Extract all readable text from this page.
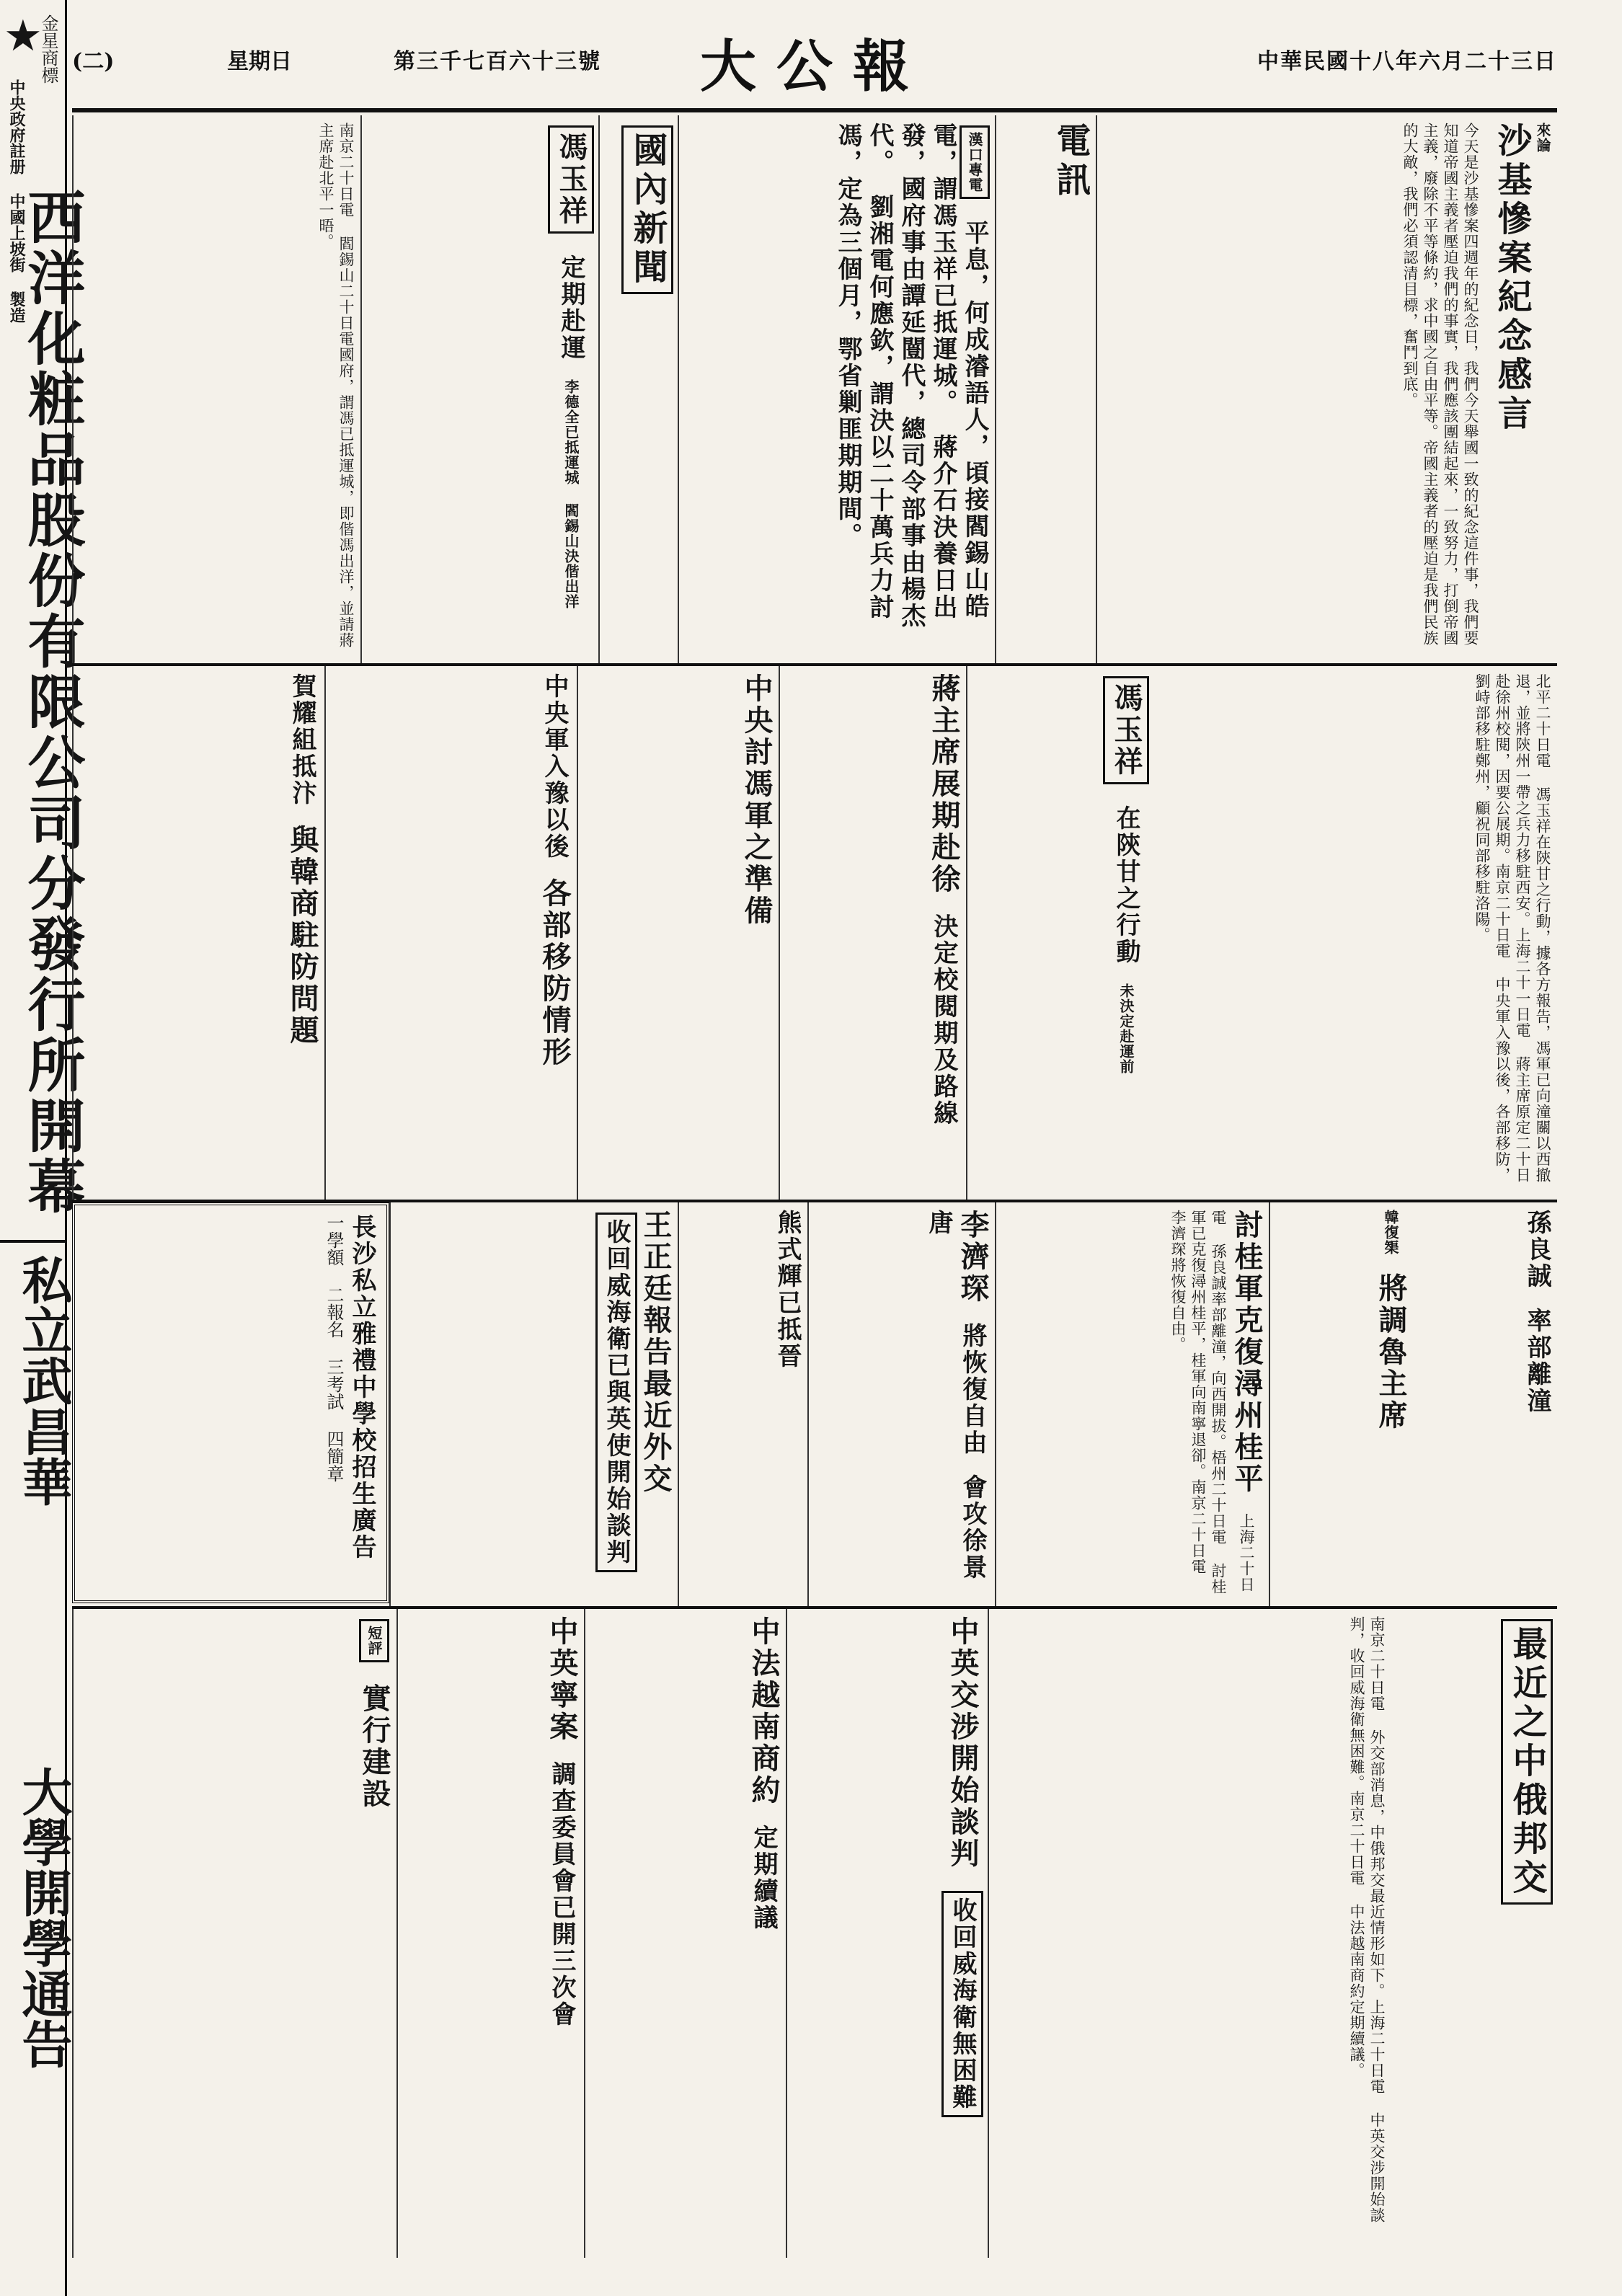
★
金星商標
中央政府註册 中國上坡街 製造
西洋化粧品股份有限公司分發行所開幕
私立武昌華
大學開學通告
中華民國十八年六月二十三日
大公報
第三千七百六十三號
星期日
(二)
來論
沙基慘案紀念感言
今天是沙基慘案四週年的紀念日，我們今天舉國一致的紀念這件事，我們要知道帝國主義者壓迫我們的事實，我們應該團結起來，一致努力，打倒帝國主義，廢除不平等條約，求中國之自由平等。帝國主義者的壓迫是我們民族的大敵，我們必須認清目標，奮鬥到底。
電訊
漢口專電 平息，何成濬語人，頃接閻錫山皓電，謂馮玉祥已抵運城。 蔣介石決養日出發，國府事由譚延闓代，總司令部事由楊杰代。 劉湘電何應欽，謂決以二十萬兵力討馮，定為三個月，鄂省剿匪期期間。
國內新聞
馮玉祥 定期赴運 李德全已抵運城 閻錫山決偕出洋
南京二十日電 閻錫山二十日電國府，謂馮已抵運城，即偕馮出洋，並請蔣主席赴北平一晤。
北平二十日電 馮玉祥在陝甘之行動，據各方報告，馮軍已向潼關以西撤退，並將陝州一帶之兵力移駐西安。上海二十一日電 蔣主席原定二十日赴徐州校閱，因要公展期。南京二十日電 中央軍入豫以後，各部移防，劉峙部移駐鄭州，顧祝同部移駐洛陽。
馮玉祥 在陝甘之行動 未決定赴運前
蔣主席展期赴徐 決定校閱期及路線
中央討馮軍之準備
中央軍入豫以後 各部移防情形
賀耀組抵汴 與韓商駐防問題
孫良誠 率部離潼
韓復榘 將調魯主席
討桂軍克復潯州桂平 上海二十日電 孫良誠率部離潼，向西開拔。梧州二十日電 討桂軍已克復潯州桂平，桂軍向南寧退卻。南京二十日電 李濟琛將恢復自由。
李濟琛 將恢復自由 會攻徐景唐
熊式輝已抵晉
王正廷報告最近外交 收回威海衛已與英使開始談判
長沙私立雅禮中學校招生廣告 一學額 二報名 三考試 四簡章
最近之中俄邦交
南京二十日電 外交部消息，中俄邦交最近情形如下。上海二十日電 中英交涉開始談判，收回威海衛無困難。南京二十日電 中法越南商約定期續議。
中英交涉開始談判 收回威海衛無困難
中法越南商約 定期續議
中英寧案 調查委員會已開三次會
短評 實行建設
